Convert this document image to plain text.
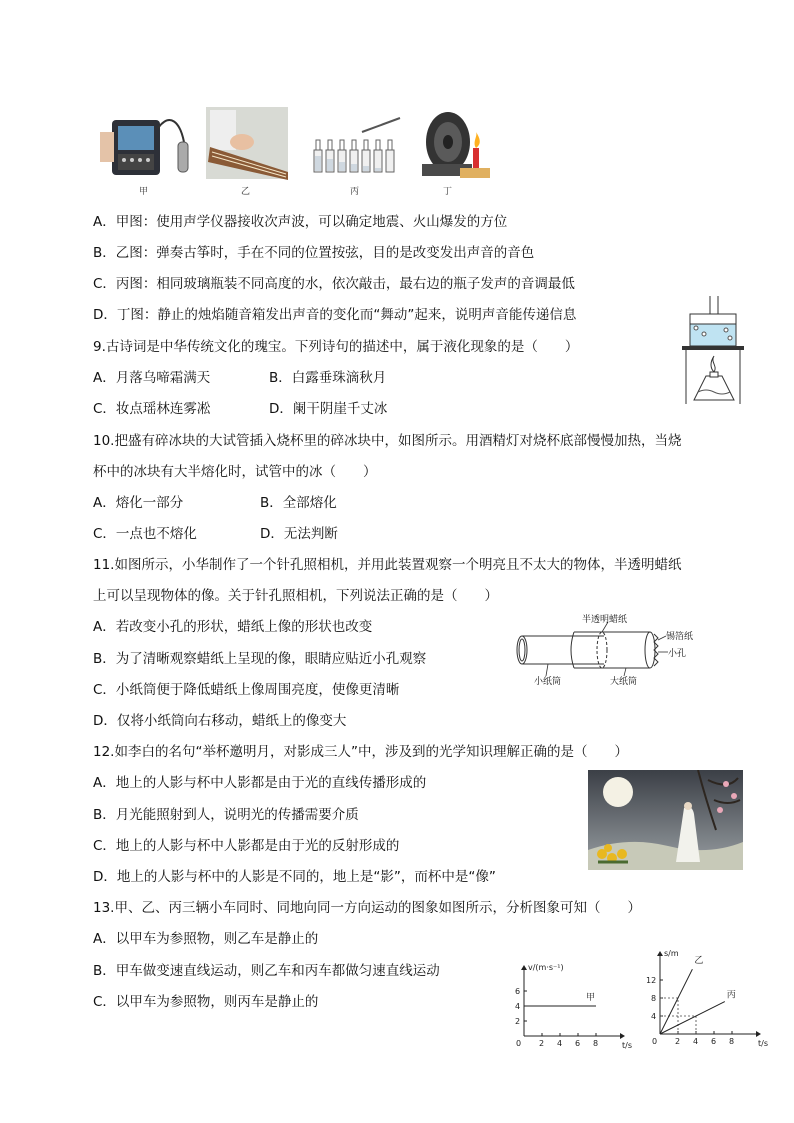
甲	乙	丙	丁
A．甲图：使用声学仪器接收次声波，可以确定地震、火山爆发的方位
B．乙图：弹奏古筝时，手在不同的位置按弦，目的是改变发出声音的音色
C．丙图：相同玻璃瓶装不同高度的水，依次敲击，最右边的瓶子发声的音调最低
D．丁图：静止的烛焰随音箱发出声音的变化而“舞动”起来，说明声音能传递信息
9.古诗词是中华传统文化的瑰宝。下列诗句的描述中，属于液化现象的是（　　）
A．月落乌啼霜满天	B．白露垂珠滴秋月
C．妆点瑶林连雾凇	D．阑干阴崖千丈冰
10.把盛有碎冰块的大试管插入烧杯里的碎冰块中，如图所示。用酒精灯对烧杯底部慢慢加热，当烧
杯中的冰块有大半熔化时，试管中的冰（　　）
A．熔化一部分	B．全部熔化
C．一点也不熔化	D．无法判断
11.如图所示，小华制作了一个针孔照相机，并用此装置观察一个明亮且不太大的物体，半透明蜡纸
上可以呈现物体的像。关于针孔照相机，下列说法正确的是（　　）
A．若改变小孔的形状，蜡纸上像的形状也改变
B．为了清晰观察蜡纸上呈现的像，眼睛应贴近小孔观察
C．小纸筒便于降低蜡纸上像周围亮度，使像更清晰
D．仅将小纸筒向右移动，蜡纸上的像变大
半透明蜡纸
锡箔纸
小孔
小纸筒	大纸筒
12.如李白的名句“举杯邀明月，对影成三人”中，涉及到的光学知识理解正确的是（　　）
A．地上的人影与杯中人影都是由于光的直线传播形成的
B．月光能照射到人，说明光的传播需要介质
C．地上的人影与杯中人影都是由于光的反射形成的
D．地上的人影与杯中的人影是不同的，地上是“影”，而杯中是“像”
13.甲、乙、丙三辆小车同时、同地向同一方向运动的图象如图所示，分析图象可知（　　）
A．以甲车为参照物，则乙车是静止的
B．甲车做变速直线运动，则乙车和丙车都做匀速直线运动
C．以甲车为参照物，则丙车是静止的
v/(m·s⁻¹)
t/s
0 2 4 6 8
2
4
6
甲
s/m
t/s
0 2 4 6 8
4
8
12
乙
丙
